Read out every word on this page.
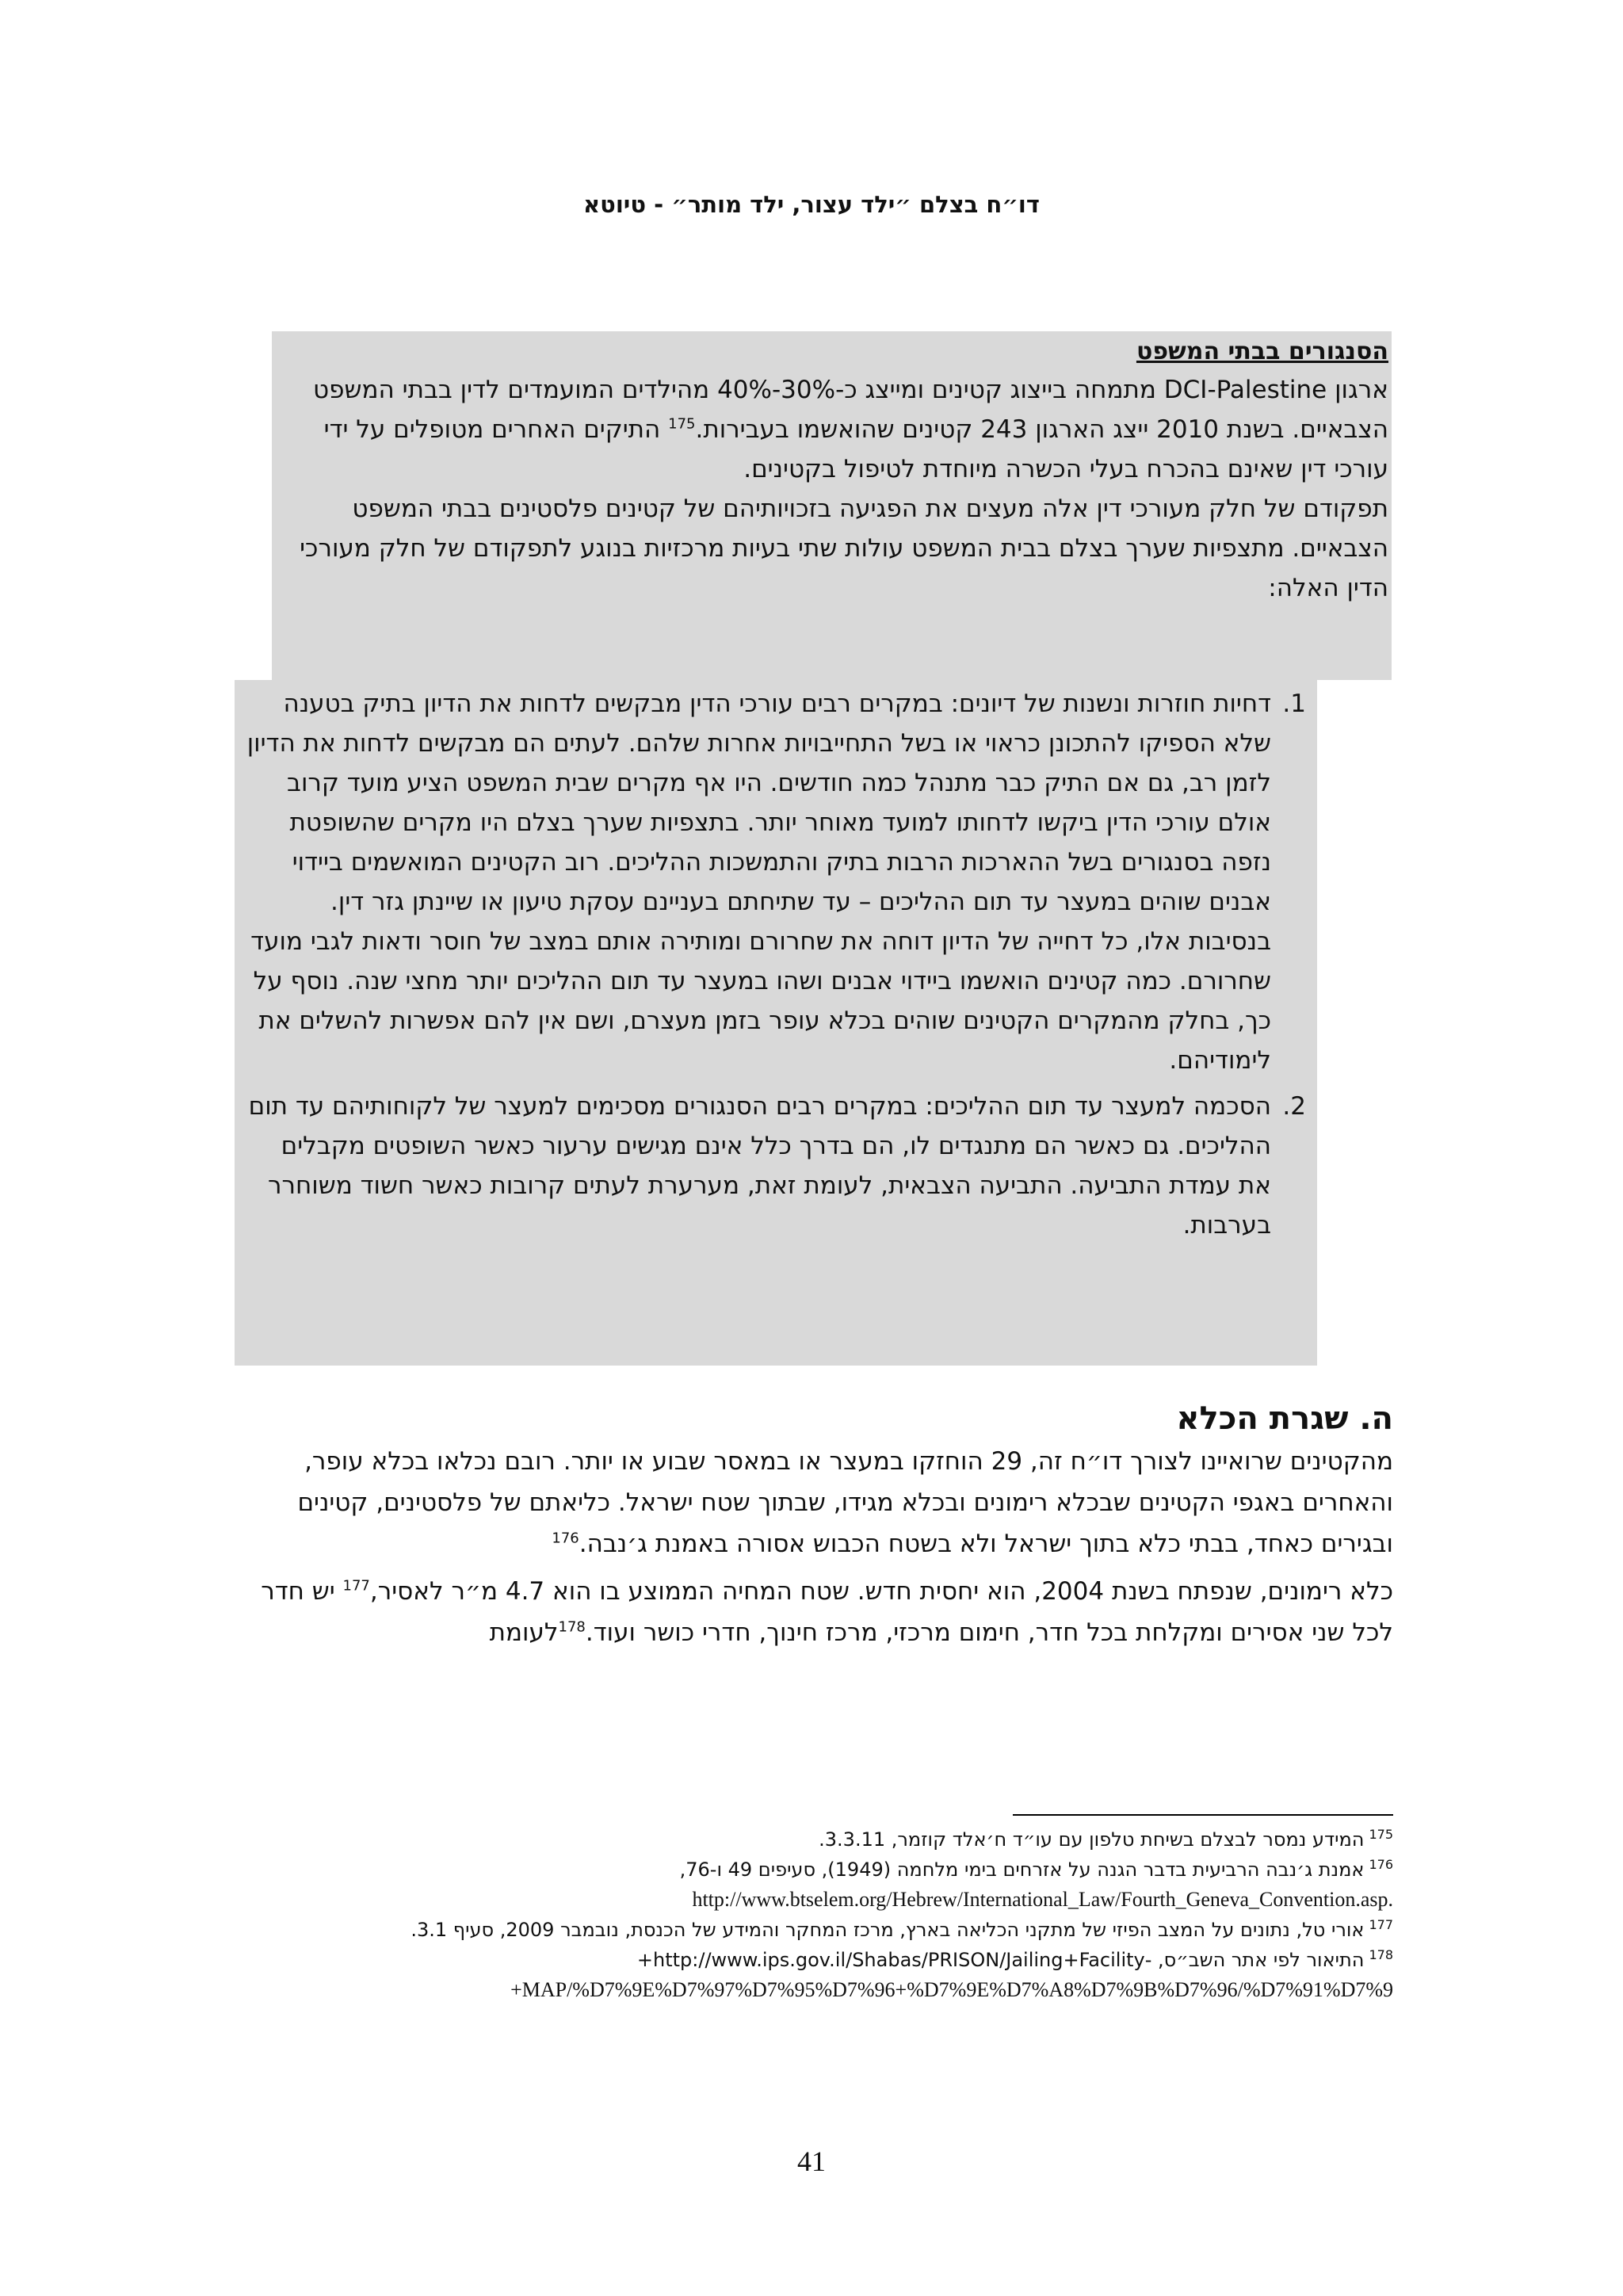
דו״ח בצלם ״ילד עצור, ילד מותר״ - טיוטא
הסנגורים בבתי המשפט

ארגון DCI-Palestine מתמחה בייצוג קטינים ומייצג כ-30%-40% מהילדים המועמדים לדין בבתי המשפט הצבאיים. בשנת 2010 ייצג הארגון 243 קטינים שהואשמו בעבירות.$^{175}$ התיקים האחרים מטופלים על ידי עורכי דין שאינם בהכרח בעלי הכשרה מיוחדת לטיפול בקטינים.

תפקודם של חלק מעורכי דין אלה מעצים את הפגיעה בזכויותיהם של קטינים פלסטינים בבתי המשפט הצבאיים. מתצפיות שערך בצלם בבית המשפט עולות שתי בעיות מרכזיות בנוגע לתפקודם של חלק מעורכי הדין האלה:

1.
דחיות חוזרות ונשנות של דיונים: במקרים רבים עורכי הדין מבקשים לדחות את הדיון בתיק בטענה שלא הספיקו להתכונן כראוי או בשל התחייבויות אחרות שלהם. לעתים הם מבקשים לדחות את הדיון לזמן רב, גם אם התיק כבר מתנהל כמה חודשים. היו אף מקרים שבית המשפט הציע מועד קרוב אולם עורכי הדין ביקשו לדחותו למועד מאוחר יותר. בתצפיות שערך בצלם היו מקרים שהשופטת נזפה בסנגורים בשל ההארכות הרבות בתיק והתמשכות ההליכים. רוב הקטינים המואשמים ביידוי אבנים שוהים במעצר עד תום ההליכים – עד שתיחתם בעניינם עסקת טיעון או שיינתן גזר דין. בנסיבות אלו, כל דחייה של הדיון דוחה את שחרורם ומותירה אותם במצב של חוסר ודאות לגבי מועד שחרורם. כמה קטינים הואשמו ביידוי אבנים ושהו במעצר עד תום ההליכים יותר מחצי שנה. נוסף על כך, בחלק מהמקרים הקטינים שוהים בכלא עופר בזמן מעצרם, ושם אין להם אפשרות להשלים את לימודיהם.
2.
הסכמה למעצר עד תום ההליכים: במקרים רבים הסנגורים מסכימים למעצר של לקוחותיהם עד תום ההליכים. גם כאשר הם מתנגדים לו, הם בדרך כלל אינם מגישים ערעור כאשר השופטים מקבלים את עמדת התביעה. התביעה הצבאית, לעומת זאת, מערערת לעתים קרובות כאשר חשוד משוחרר בערבות.
ה. שגרת הכלא

מהקטינים שרואיינו לצורך דו״ח זה, 29 הוחזקו במעצר או במאסר שבוע או יותר. רובם נכלאו בכלא עופר, והאחרים באגפי הקטינים שבכלא רימונים ובכלא מגידו, שבתוך שטח ישראל. כליאתם של פלסטינים, קטינים ובגירים כאחד, בבתי כלא בתוך ישראל ולא בשטח הכבוש אסורה באמנת ג׳נבה.$^{176}$

כלא רימונים, שנפתח בשנת 2004, הוא יחסית חדש. שטח המחיה הממוצע בו הוא 4.7 מ״ר לאסיר,$^{177}$ יש חדר לכל שני אסירים ומקלחת בכל חדר, חימום מרכזי, מרכז חינוך, חדרי כושר ועוד.$^{178}$לעומת

$^{175}$המידע נמסר לבצלם בשיחת טלפון עם עו״ד ח׳אלד קוזמר, 3.3.11.

$^{176}$אמנת ג׳נבה הרביעית בדבר הגנה על אזרחים בימי מלחמה (1949), סעיפים 49 ו-76,

http://www.btselem.org/Hebrew/International_Law/Fourth_Geneva_Convention.asp.

$^{177}$אורי טל, נתונים על המצב הפיזי של מתקני הכליאה בארץ, מרכז המחקר והמידע של הכנסת, נובמבר 2009, סעיף 3.1.

$^{178}$התיאור לפי אתר השב״ס, -http://www.ips.gov.il/Shabas/PRISON/Jailing+Facility+

+MAP/%D7%9E%D7%97%D7%95%D7%96+%D7%9E%D7%A8%D7%9B%D7%96/%D7%91%D7%9

41
